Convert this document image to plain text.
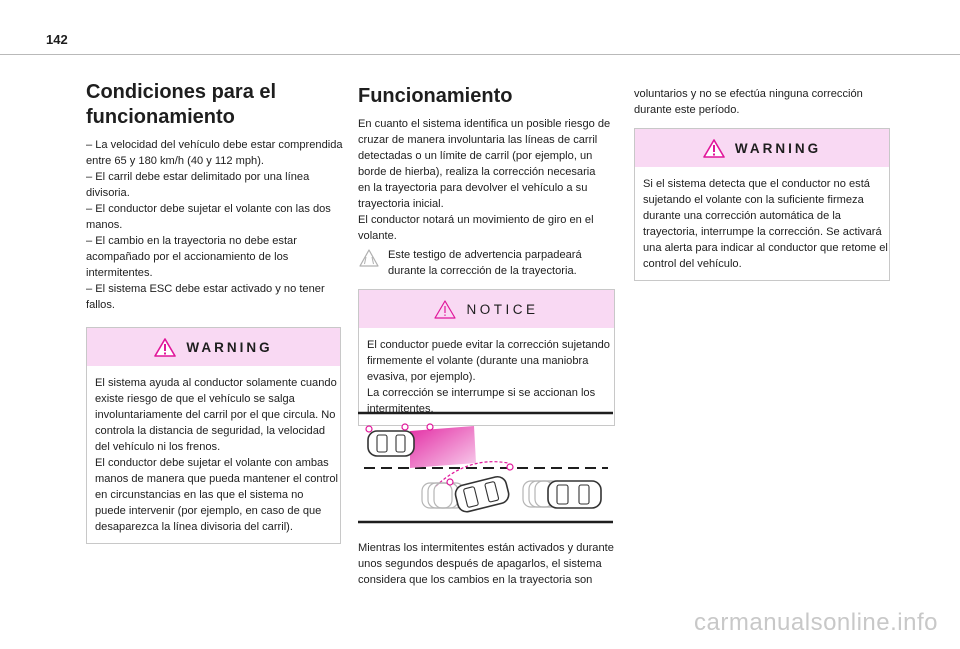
142
Condiciones para el
funcionamiento
– La velocidad del vehículo debe estar comprendida
entre 65 y 180 km/h (40 y 112 mph).
– El carril debe estar delimitado por una línea
divisoria.
– El conductor debe sujetar el volante con las dos
manos.
– El cambio en la trayectoria no debe estar
acompañado por el accionamiento de los
intermitentes.
– El sistema ESC debe estar activado y no tener
fallos.
WARNING
El sistema ayuda al conductor solamente cuando
existe riesgo de que el vehículo se salga
involuntariamente del carril por el que circula. No
controla la distancia de seguridad, la velocidad
del vehículo ni los frenos.
El conductor debe sujetar el volante con ambas
manos de manera que pueda mantener el control
en circunstancias en las que el sistema no
puede intervenir (por ejemplo, en caso de que
desaparezca la línea divisoria del carril).
Funcionamiento
En cuanto el sistema identifica un posible riesgo de
cruzar de manera involuntaria las líneas de carril
detectadas o un límite de carril (por ejemplo, un
borde de hierba), realiza la corrección necesaria
en la trayectoria para devolver el vehículo a su
trayectoria inicial.
El conductor notará un movimiento de giro en el
volante.
Este testigo de advertencia parpadeará
durante la corrección de la trayectoria.
NOTICE
El conductor puede evitar la corrección sujetando
firmemente el volante (durante una maniobra
evasiva, por ejemplo).
La corrección se interrumpe si se accionan los
intermitentes.
Mientras los intermitentes están activados y durante
unos segundos después de apagarlos, el sistema
considera que los cambios en la trayectoria son
voluntarios y no se efectúa ninguna corrección
durante este período.
WARNING
Si el sistema detecta que el conductor no está
sujetando el volante con la suficiente firmeza
durante una corrección automática de la
trayectoria, interrumpe la corrección. Se activará
una alerta para indicar al conductor que retome el
control del vehículo.
carmanualsonline.info
